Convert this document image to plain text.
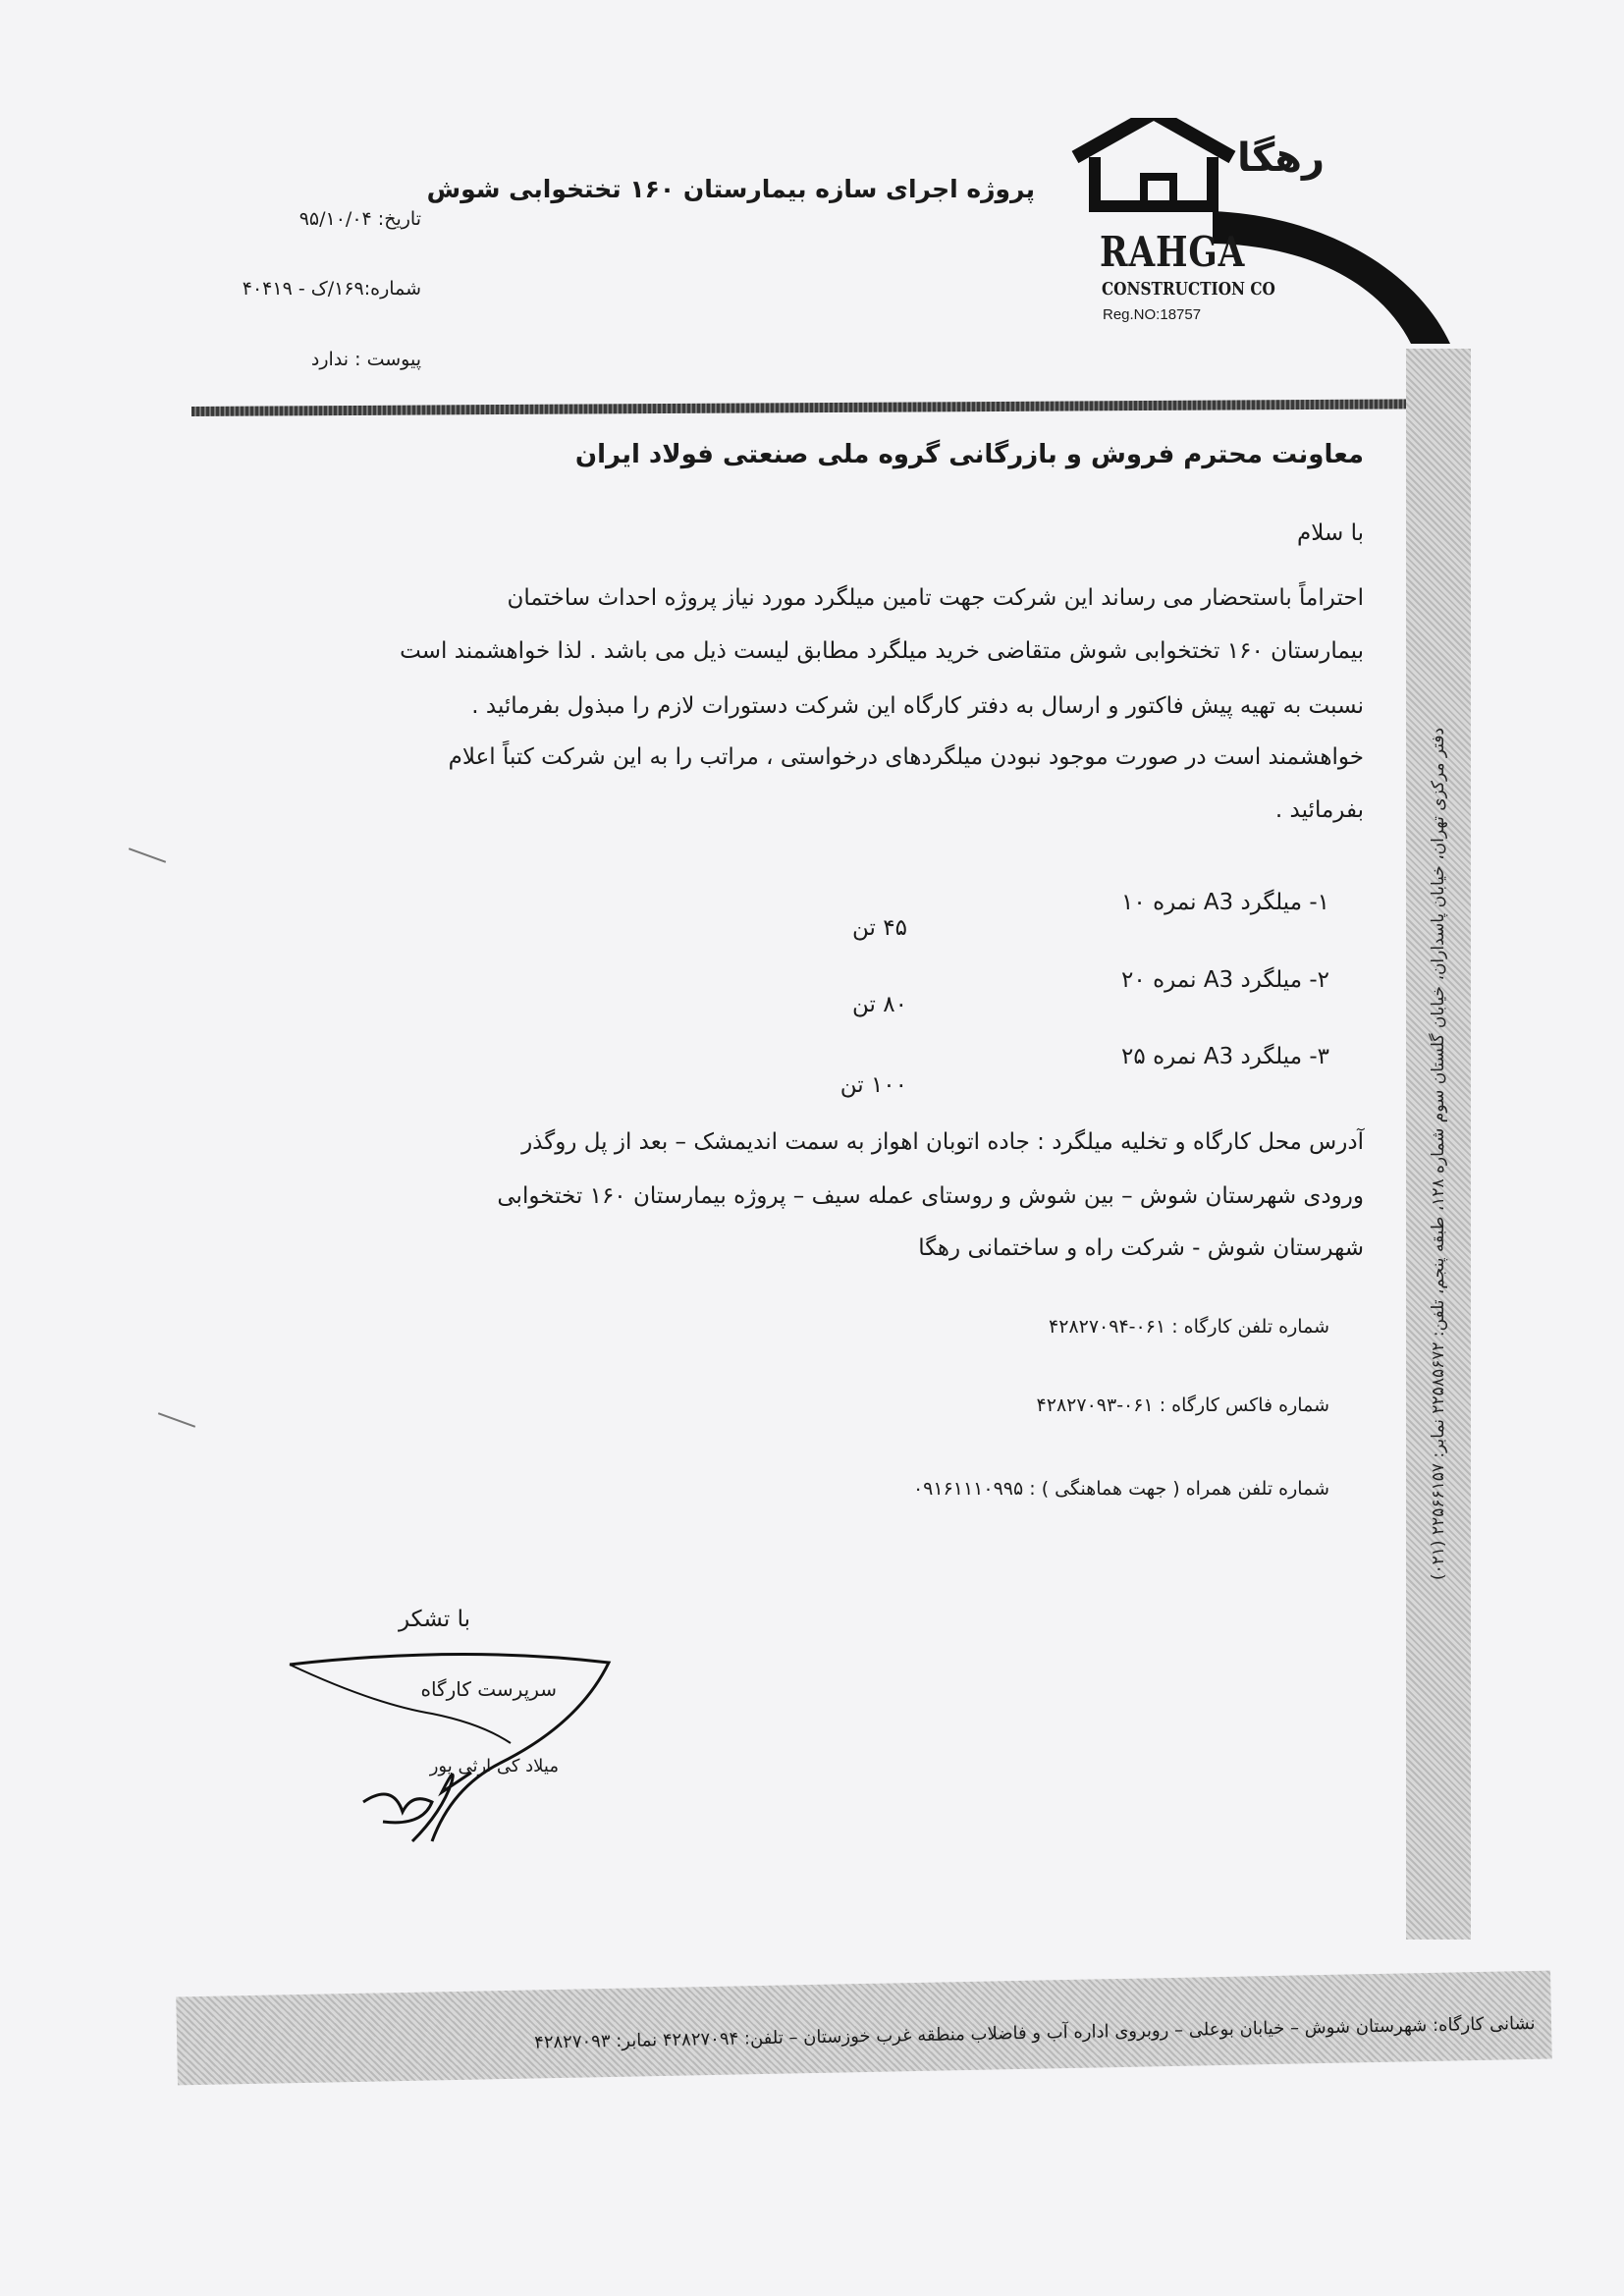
رهگا
RAHGA
CONSTRUCTION CO
Reg.NO:18757
پروژه اجرای سازه بیمارستان ۱۶۰ تختخوابی شوش
تاریخ: ۹۵/۱۰/۰۴
شماره:۱۶۹/ک - ۴۰۴۱۹
پیوست : ندارد
دفتر مرکزی تهران، خیابان پاسداران، خیابان گلستان سوم شماره ۱۲۸، طبقه پنجم، تلفن: ۲۲۵۸۵۶۷۲ نمابر: ۲۲۵۶۶۱۵۷ (۰۲۱)
معاونت محترم فروش و بازرگانی گروه ملی صنعتی فولاد ایران
با سلام
احتراماً باستحضار می رساند این شرکت جهت تامین میلگرد مورد نیاز پروژه احداث ساختمان
بیمارستان ۱۶۰ تختخوابی شوش متقاضی خرید میلگرد مطابق لیست ذیل می باشد . لذا خواهشمند است
نسبت به تهیه پیش فاکتور و ارسال به دفتر کارگاه این شرکت دستورات لازم را مبذول بفرمائید .
خواهشمند است در صورت موجود نبودن میلگردهای درخواستی ، مراتب را به این شرکت کتباً اعلام
بفرمائید .
۱- میلگرد A3 نمره ۱۰
۴۵ تن
۲- میلگرد A3 نمره ۲۰
۸۰ تن
۳- میلگرد A3 نمره ۲۵
۱۰۰ تن
آدرس محل کارگاه و تخلیه میلگرد : جاده اتوبان اهواز به سمت اندیمشک – بعد از پل روگذر
ورودی شهرستان شوش – بین شوش و روستای عمله سیف – پروژه بیمارستان ۱۶۰ تختخوابی
شهرستان شوش - شرکت راه و ساختمانی رهگا
شماره تلفن کارگاه : ۰۶۱-۴۲۸۲۷۰۹۴
شماره فاکس کارگاه : ۰۶۱-۴۲۸۲۷۰۹۳
شماره تلفن همراه ( جهت هماهنگی ) : ۰۹۱۶۱۱۱۰۹۹۵
با تشکر
سرپرست کارگاه
میلاد کی ارثی پور
نشانی کارگاه: شهرستان شوش – خیابان بوعلی – روبروی اداره آب و فاضلاب منطقه غرب خوزستان – تلفن: ۴۲۸۲۷۰۹۴ نمابر: ۴۲۸۲۷۰۹۳
